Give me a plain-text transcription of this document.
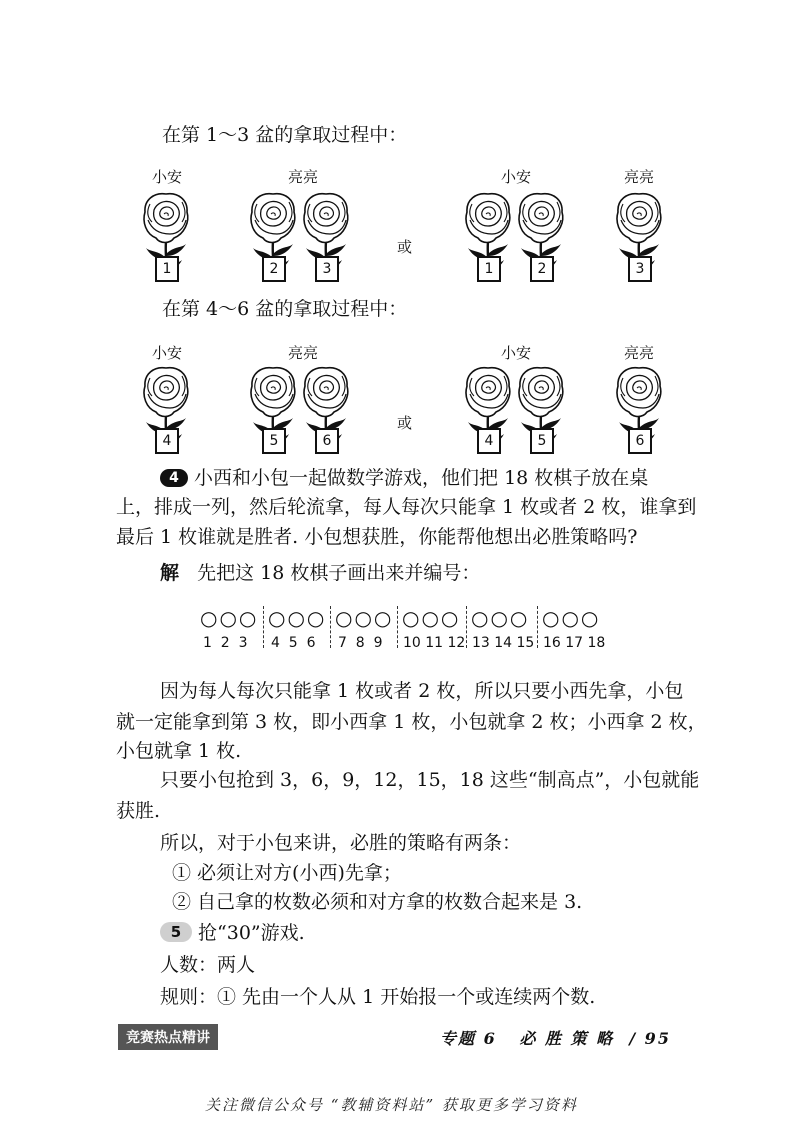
在第 1～3 盆的拿取过程中：
小安	亮亮	小安	亮亮
1	2	3
或
1	2	3
在第 4～6 盆的拿取过程中：
小安	亮亮	小安	亮亮
4	5	6
或
4	5	6
4 小西和小包一起做数学游戏，他们把 18 枚棋子放在桌
上，排成一列，然后轮流拿，每人每次只能拿 1 枚或者 2 枚，谁拿到
最后 1 枚谁就是胜者. 小包想获胜，你能帮他想出必胜策略吗?
解 先把这 18 枚棋子画出来并编号：
○○○
1  2  3
○○○
4  5  6
○○○
7  8  9
○○○
10 11 12
○○○
13 14 15
○○○
16 17 18
因为每人每次只能拿 1 枚或者 2 枚，所以只要小西先拿，小包
就一定能拿到第 3 枚，即小西拿 1 枚，小包就拿 2 枚；小西拿 2 枚，
小包就拿 1 枚.
只要小包抢到 3，6，9，12，15，18 这些“制高点”，小包就能
获胜.
所以，对于小包来讲，必胜的策略有两条：
① 必须让对方(小西)先拿；
② 自己拿的枚数必须和对方拿的枚数合起来是 3.
5 抢“30”游戏.
人数：两人
规则：① 先由一个人从 1 开始报一个或连续两个数.
竞赛热点精讲	专题 6   必 胜 策 略  / 95
关注微信公众号 “教辅资料站” 获取更多学习资料
